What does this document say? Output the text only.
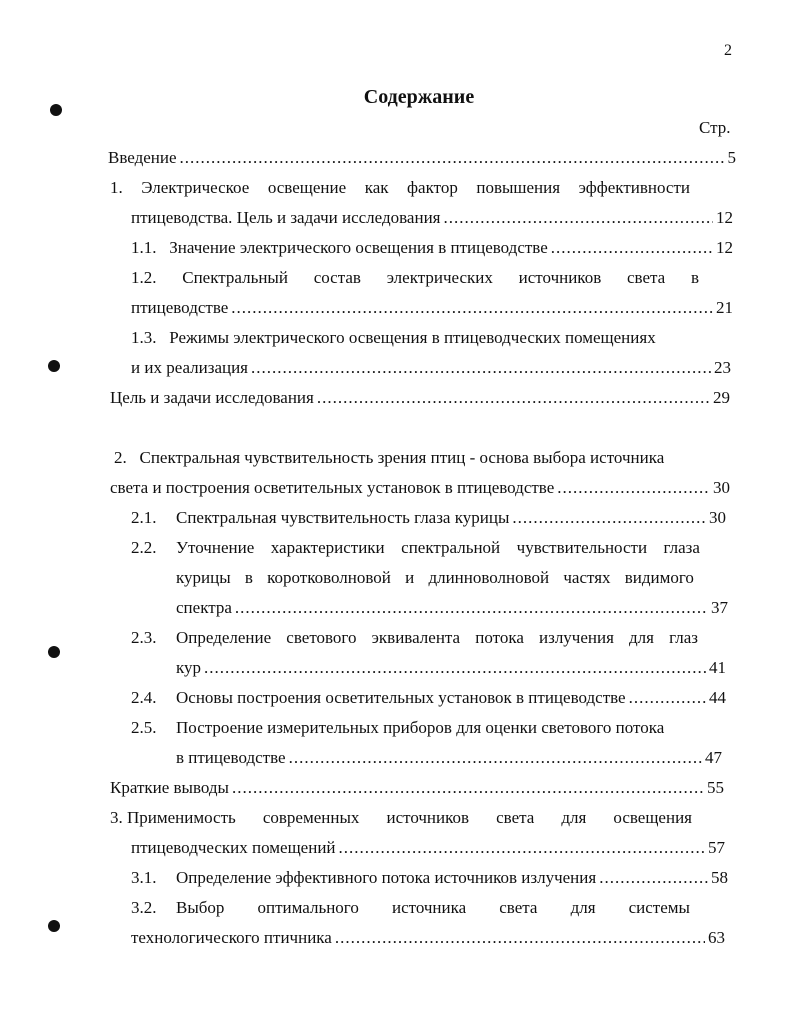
2
Содержание
Стр.
Введение .....	5
1. Электрическое освещение как фактор повышения эффективности
птицеводства. Цель и задачи исследования .....	12
1.1.   Значение электрического освещения в птицеводстве .....	12
1.2. Спектральный состав электрических источников света в
птицеводстве .....	21
1.3.   Режимы электрического освещения в птицеводческих помещениях
и их реализация .....	23
Цель и задачи исследования .....	29
2.   Спектральная чувствительность зрения птиц - основа выбора источника
света и построения осветительных установок в птицеводстве .....	30
2.1. Спектральная чувствительность глаза курицы .....	30
2.2. Уточнение характеристики спектральной чувствительности глаза
курицы в коротковолновой и длинноволновой частях видимого
спектра .....	37
2.3. Определение светового эквивалента потока излучения для глаз
кур .....	41
2.4. Основы построения осветительных установок в птицеводстве .....	44
2.5. Построение измерительных приборов для оценки светового потока
в птицеводстве .....	47
Краткие выводы .....	55
3. Применимость современных источников света для освещения
птицеводческих помещений .....	57
3.1. Определение эффективного потока источников излучения .....	58
3.2. Выбор оптимального источника света для системы
технологического птичника .....	63
